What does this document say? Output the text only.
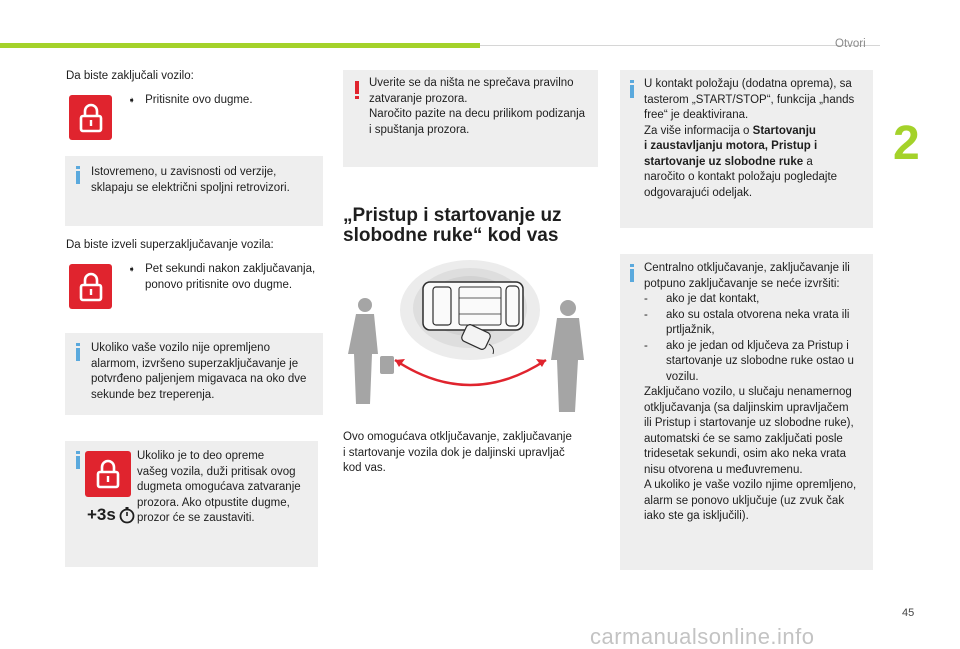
Otvori
2
45
carmanualsonline.info
Da biste zaključali vozilo:
➧ Pritisnite ovo dugme.
Istovremeno, u zavisnosti od verzije,
sklapaju se električni spoljni retrovizori.
Da biste izveli superzaključavanje vozila:
➧ Pet sekundi nakon zaključavanja,
ponovo pritisnite ovo dugme.
Ukoliko vaše vozilo nije opremljeno
alarmom, izvršeno superzaključavanje je
potvrđeno paljenjem migavaca na oko dve
sekunde bez treperenja.
+3s
Ukoliko je to deo opreme
vašeg vozila, duži pritisak ovog
dugmeta omogućava zatvaranje
prozora. Ako otpustite dugme,
prozor će se zaustaviti.
Uverite se da ništa ne sprečava pravilno
zatvaranje prozora.
Naročito pazite na decu prilikom podizanja
i spuštanja prozora.
„Pristup i startovanje uz
slobodne ruke“ kod vas
Ovo omogućava otključavanje, zaključavanje
i startovanje vozila dok je daljinski upravljač
kod vas.
U kontakt položaju (dodatna oprema), sa
tasterom „START/STOP“, funkcija „hands
free“ je deaktivirana.
Za više informacija o Startovanju
i zaustavljanju motora, Pristup i
startovanje uz slobodne ruke a
naročito o kontakt položaju pogledajte
odgovarajući odeljak.
Centralno otključavanje, zaključavanje ili
potpuno zaključavanje se neće izvršiti:
-	ako je dat kontakt,
-	ako su ostala otvorena neka vrata ili
prtljažnik,
-	ako je jedan od ključeva za Pristup i
startovanje uz slobodne ruke ostao u
vozilu.
Zaključano vozilo, u slučaju nenamernog
otključavanja (sa daljinskim upravljačem
ili Pristup i startovanje uz slobodne ruke),
automatski će se samo zaključati posle
tridesetak sekundi, osim ako neka vrata
nisu otvorena u međuvremenu.
A ukoliko je vaše vozilo njime opremljeno,
alarm se ponovo uključuje (uz zvuk čak
iako ste ga isključili).
